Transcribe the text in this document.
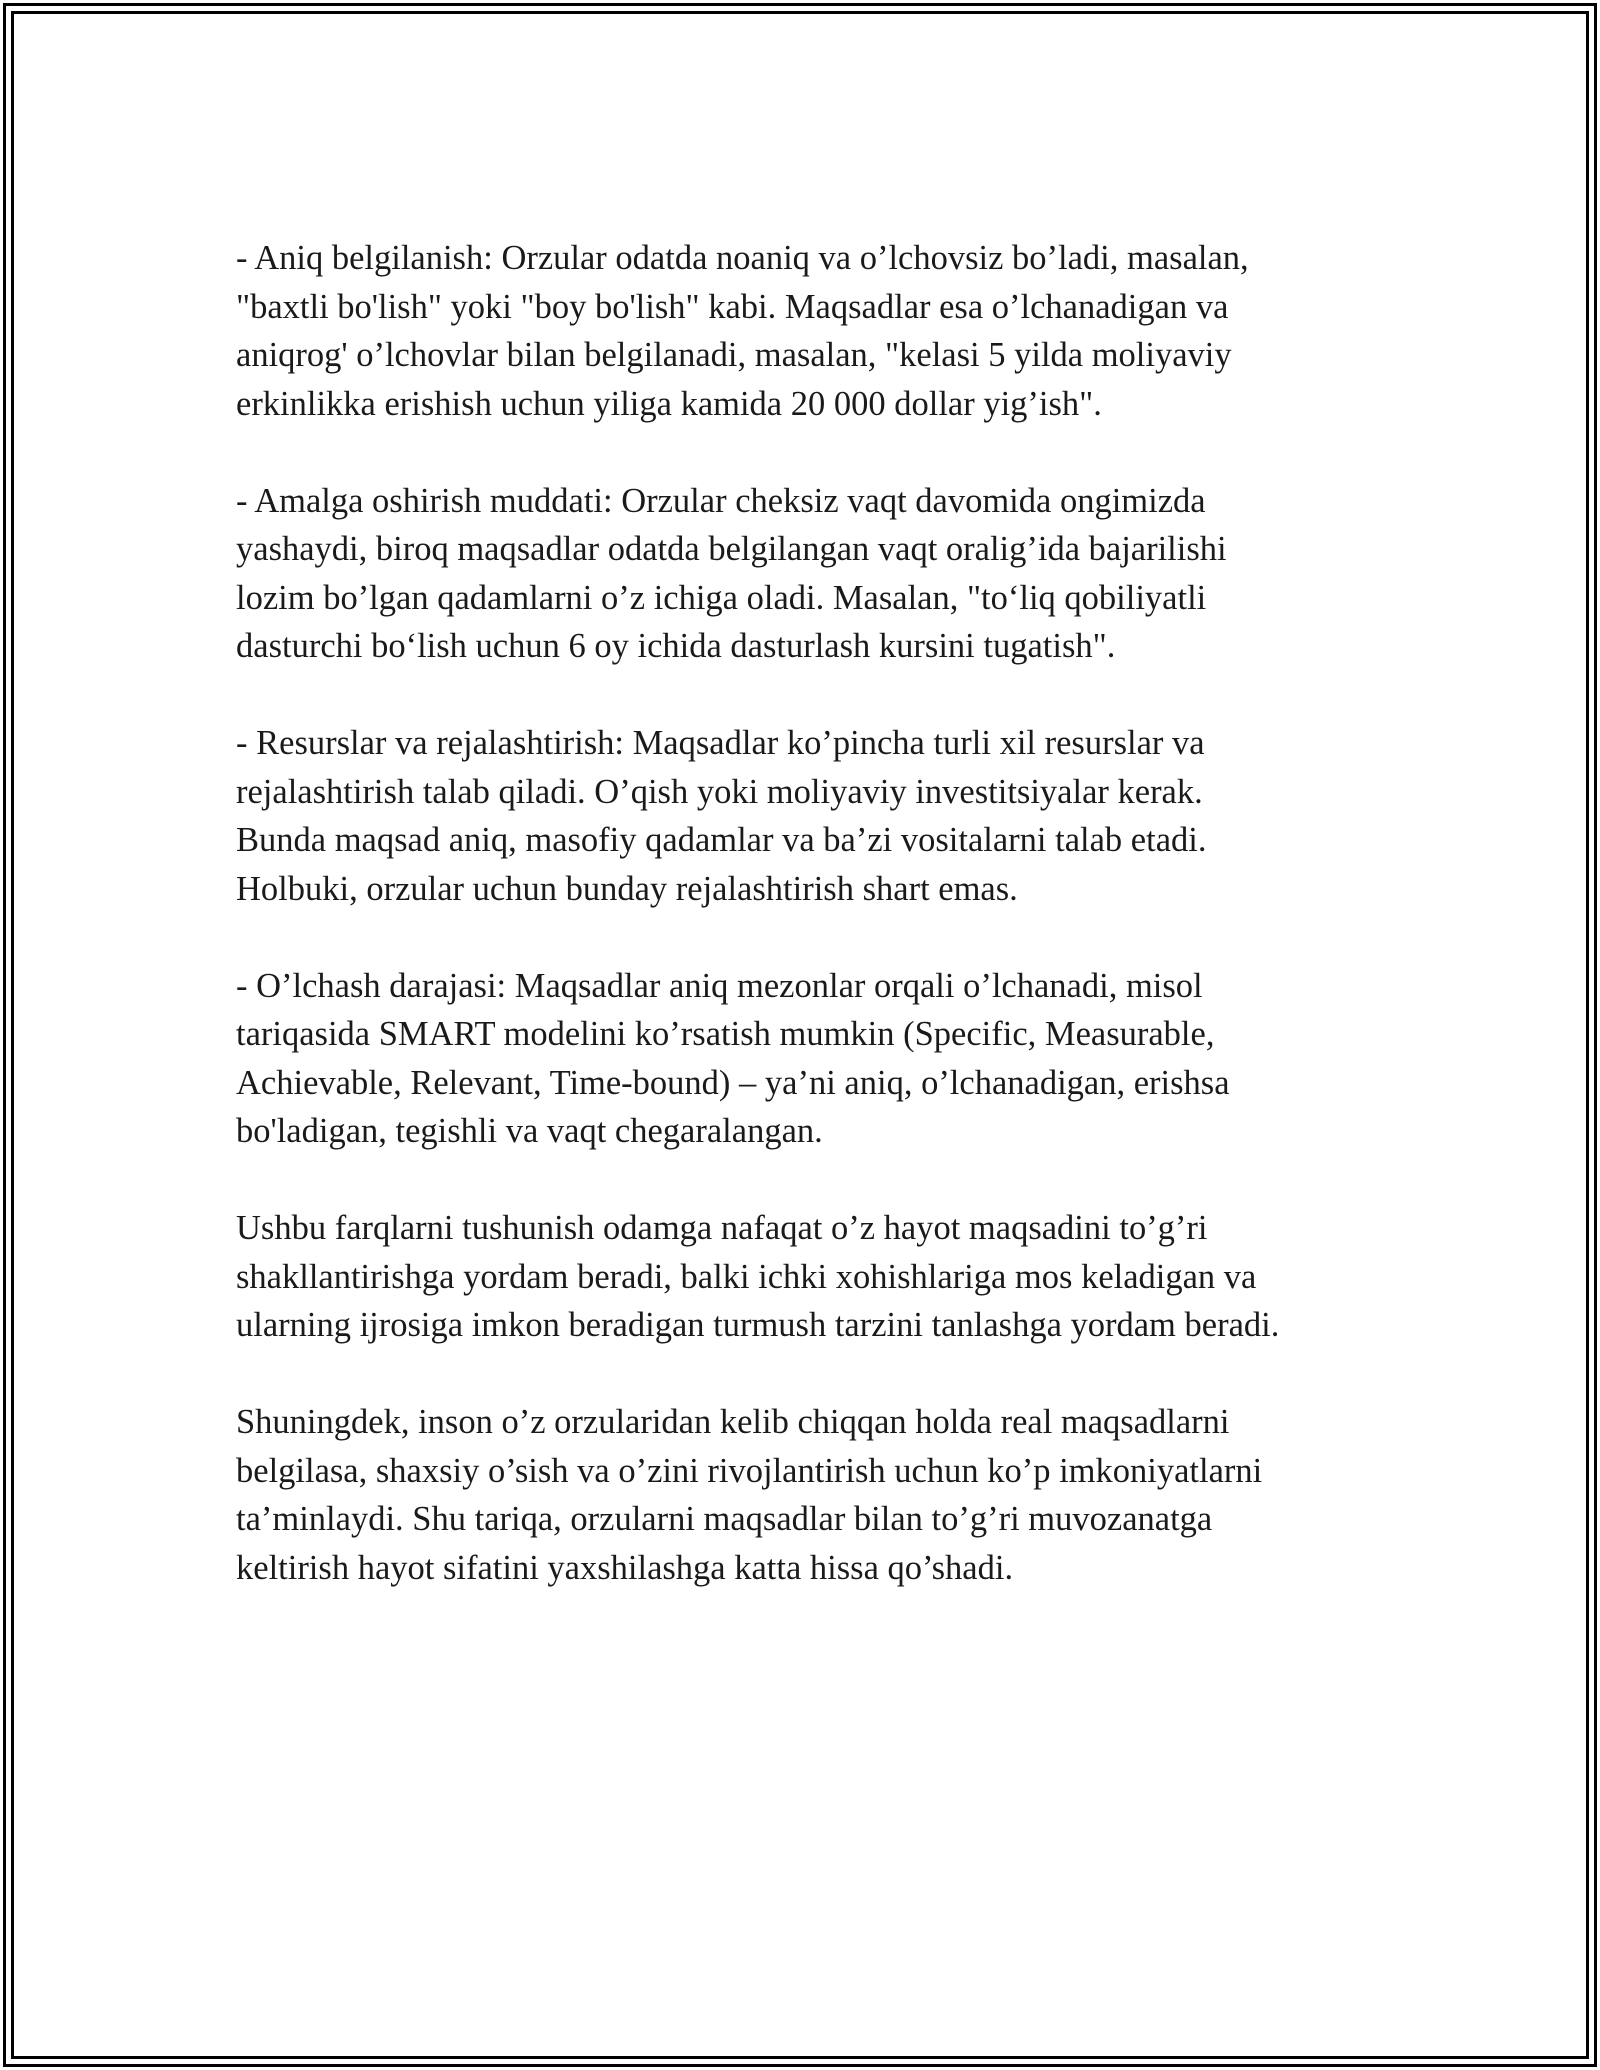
- Aniq belgilanish: Orzular odatda noaniq va o’lchovsiz bo’ladi, masalan,
"baxtli bo'lish" yoki "boy bo'lish" kabi. Maqsadlar esa o’lchanadigan va
aniqrog' o’lchovlar bilan belgilanadi, masalan, "kelasi 5 yilda moliyaviy
erkinlikka erishish uchun yiliga kamida 20 000 dollar yig’ish".

- Amalga oshirish muddati: Orzular cheksiz vaqt davomida ongimizda
yashaydi, biroq maqsadlar odatda belgilangan vaqt oralig’ida bajarilishi
lozim bo’lgan qadamlarni o’z ichiga oladi. Masalan, "toʻliq qobiliyatli
dasturchi boʻlish uchun 6 oy ichida dasturlash kursini tugatish".

- Resurslar va rejalashtirish: Maqsadlar ko’pincha turli xil resurslar va
rejalashtirish talab qiladi. O’qish yoki moliyaviy investitsiyalar kerak.
Bunda maqsad aniq, masofiy qadamlar va ba’zi vositalarni talab etadi.
Holbuki, orzular uchun bunday rejalashtirish shart emas.

- O’lchash darajasi: Maqsadlar aniq mezonlar orqali o’lchanadi, misol
tariqasida SMART modelini ko’rsatish mumkin (Specific, Measurable,
Achievable, Relevant, Time-bound) – ya’ni aniq, o’lchanadigan, erishsa
bo'ladigan, tegishli va vaqt chegaralangan.

Ushbu farqlarni tushunish odamga nafaqat o’z hayot maqsadini to’g’ri
shakllantirishga yordam beradi, balki ichki xohishlariga mos keladigan va
ularning ijrosiga imkon beradigan turmush tarzini tanlashga yordam beradi.

Shuningdek, inson o’z orzularidan kelib chiqqan holda real maqsadlarni
belgilasa, shaxsiy o’sish va o’zini rivojlantirish uchun ko’p imkoniyatlarni
ta’minlaydi. Shu tariqa, orzularni maqsadlar bilan to’g’ri muvozanatga
keltirish hayot sifatini yaxshilashga katta hissa qo’shadi.
